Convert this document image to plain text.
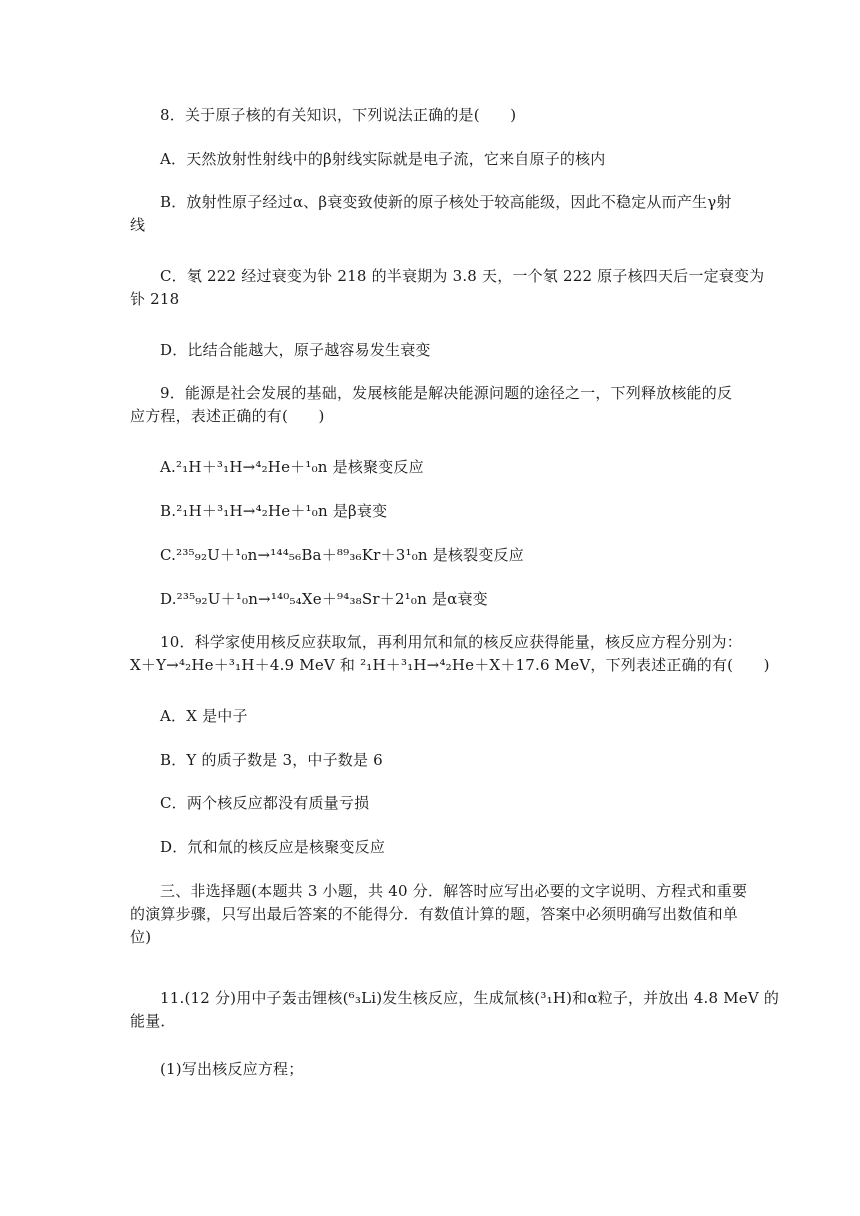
8．关于原子核的有关知识，下列说法正确的是(　　)
A．天然放射性射线中的β射线实际就是电子流，它来自原子的核内
B．放射性原子经过α、β衰变致使新的原子核处于较高能级，因此不稳定从而产生γ射
线
C．氡 222 经过衰变为钋 218 的半衰期为 3.8 天，一个氡 222 原子核四天后一定衰变为
钋 218
D．比结合能越大，原子越容易发生衰变
9．能源是社会发展的基础，发展核能是解决能源问题的途径之一，下列释放核能的反
应方程，表述正确的有(　　)
A.²₁H＋³₁H→⁴₂He＋¹₀n 是核聚变反应
B.²₁H＋³₁H→⁴₂He＋¹₀n 是β衰变
C.²³⁵₉₂U＋¹₀n→¹⁴⁴₅₆Ba＋⁸⁹₃₆Kr＋3¹₀n 是核裂变反应
D.²³⁵₉₂U＋¹₀n→¹⁴⁰₅₄Xe＋⁹⁴₃₈Sr＋2¹₀n 是α衰变
10．科学家使用核反应获取氚，再利用氘和氚的核反应获得能量，核反应方程分别为：
X＋Y→⁴₂He＋³₁H＋4.9 MeV 和 ²₁H＋³₁H→⁴₂He＋X＋17.6 MeV，下列表述正确的有(　　)
A．X 是中子
B．Y 的质子数是 3，中子数是 6
C．两个核反应都没有质量亏损
D．氘和氚的核反应是核聚变反应
三、非选择题(本题共 3 小题，共 40 分．解答时应写出必要的文字说明、方程式和重要
的演算步骤，只写出最后答案的不能得分．有数值计算的题，答案中必须明确写出数值和单
位)
11.(12 分)用中子轰击锂核(⁶₃Li)发生核反应，生成氚核(³₁H)和α粒子，并放出 4.8 MeV 的
能量．
(1)写出核反应方程；
